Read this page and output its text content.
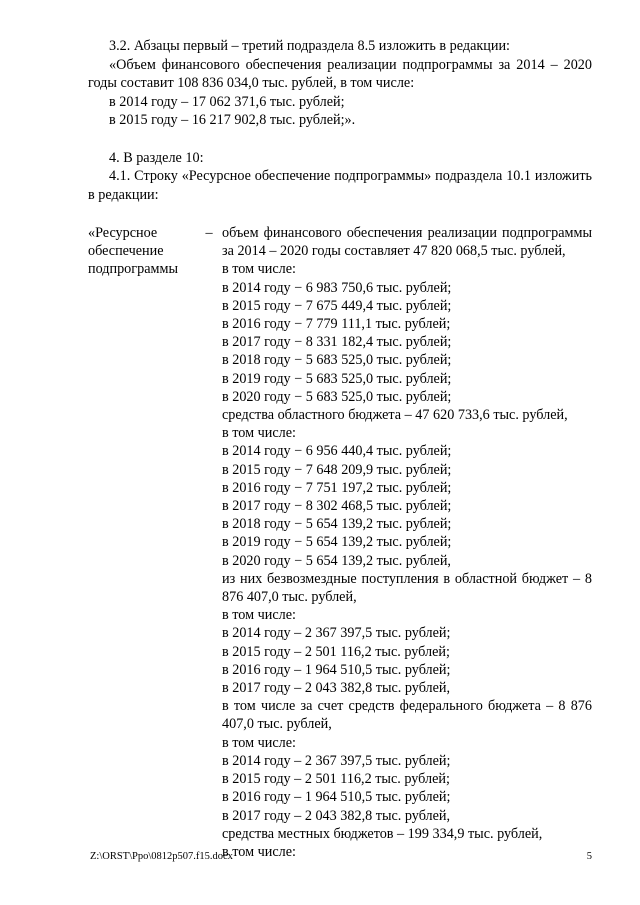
3.2. Абзацы первый – третий подраздела 8.5 изложить в редакции:

«Объем финансового обеспечения реализации подпрограммы за 2014 – 2020 годы составит 108 836 034,0 тыс. рублей, в том числе:

в 2014 году – 17 062 371,6 тыс. рублей;

в 2015 году – 16 217 902,8 тыс. рублей;».

4. В разделе 10:

4.1. Строку «Ресурсное обеспечение подпрограммы» подраздела 10.1 изложить в редакции:

«Ресурсное
обеспечение
подпрограммы
– объем финансового обеспечения реализации подпрограммы за 2014 – 2020 годы составляет 47 820 068,5 тыс. рублей,
в том числе:
в 2014 году − 6 983 750,6 тыс. рублей;
в 2015 году − 7 675 449,4 тыс. рублей;
в 2016 году − 7 779 111,1 тыс. рублей;
в 2017 году − 8 331 182,4 тыс. рублей;
в 2018 году − 5 683 525,0 тыс. рублей;
в 2019 году − 5 683 525,0 тыс. рублей;
в 2020 году − 5 683 525,0 тыс. рублей;
средства областного бюджета – 47 620 733,6 тыс. рублей,
в том числе:
в 2014 году − 6 956 440,4 тыс. рублей;
в 2015 году − 7 648 209,9 тыс. рублей;
в 2016 году − 7 751 197,2 тыс. рублей;
в 2017 году − 8 302 468,5 тыс. рублей;
в 2018 году − 5 654 139,2 тыс. рублей;
в 2019 году − 5 654 139,2 тыс. рублей;
в 2020 году − 5 654 139,2 тыс. рублей,
из них безвозмездные поступления в областной бюджет – 8 876 407,0 тыс. рублей,
в том числе:
в 2014 году – 2 367 397,5 тыс. рублей;
в 2015 году – 2 501 116,2 тыс. рублей;
в 2016 году – 1 964 510,5 тыс. рублей;
в 2017 году – 2 043 382,8 тыс. рублей,
в том числе за счет средств федерального бюджета – 8 876 407,0 тыс. рублей,
в том числе:
в 2014 году – 2 367 397,5 тыс. рублей;
в 2015 году – 2 501 116,2 тыс. рублей;
в 2016 году – 1 964 510,5 тыс. рублей;
в 2017 году – 2 043 382,8 тыс. рублей,
средства местных бюджетов – 199 334,9 тыс. рублей,
в том числе:
Z:\ORST\Ppo\0812p507.f15.docx	5
